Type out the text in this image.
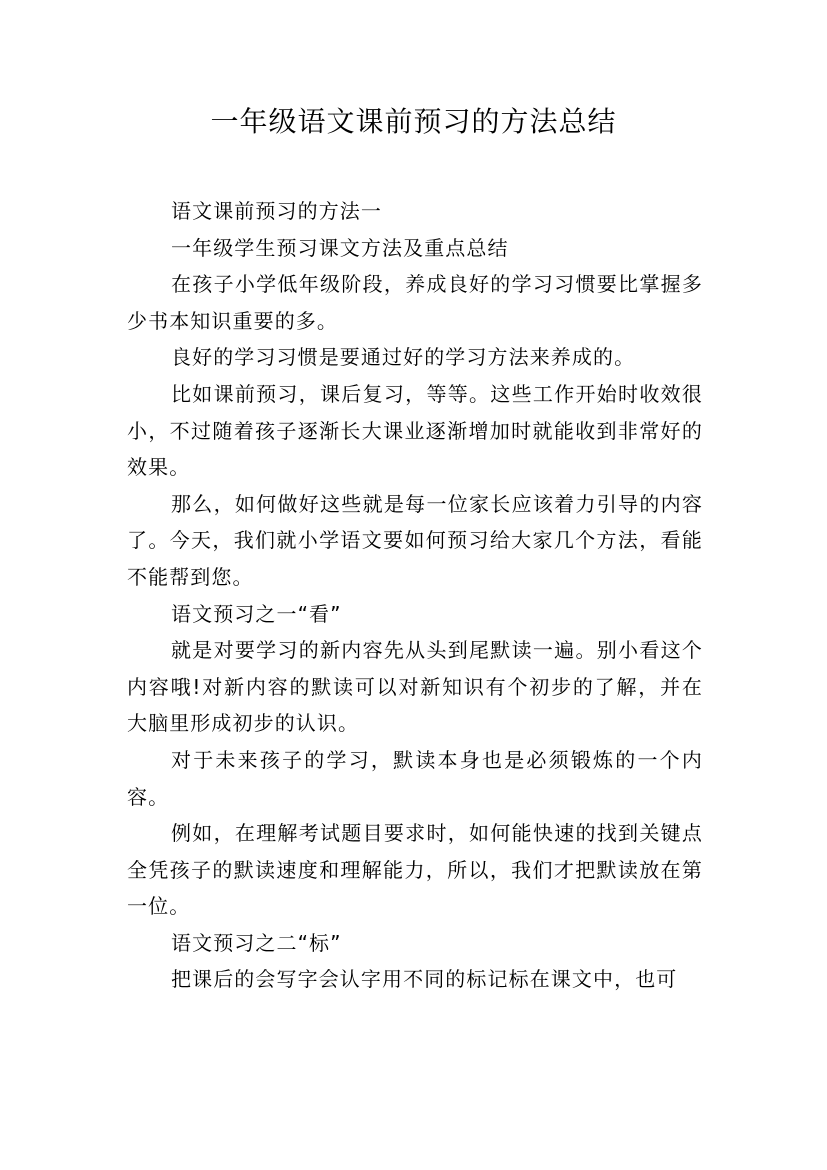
一年级语文课前预习的方法总结

语文课前预习的方法一

一年级学生预习课文方法及重点总结

在孩子小学低年级阶段，养成良好的学习习惯要比掌握多少书本知识重要的多。

良好的学习习惯是要通过好的学习方法来养成的。

比如课前预习，课后复习，等等。这些工作开始时收效很小，不过随着孩子逐渐长大课业逐渐增加时就能收到非常好的效果。

那么，如何做好这些就是每一位家长应该着力引导的内容了。今天，我们就小学语文要如何预习给大家几个方法，看能不能帮到您。

语文预习之一“看”

就是对要学习的新内容先从头到尾默读一遍。别小看这个内容哦!对新内容的默读可以对新知识有个初步的了解，并在大脑里形成初步的认识。

对于未来孩子的学习，默读本身也是必须锻炼的一个内容。

例如，在理解考试题目要求时，如何能快速的找到关键点全凭孩子的默读速度和理解能力，所以，我们才把默读放在第一位。

语文预习之二“标”

把课后的会写字会认字用不同的标记标在课文中，也可
